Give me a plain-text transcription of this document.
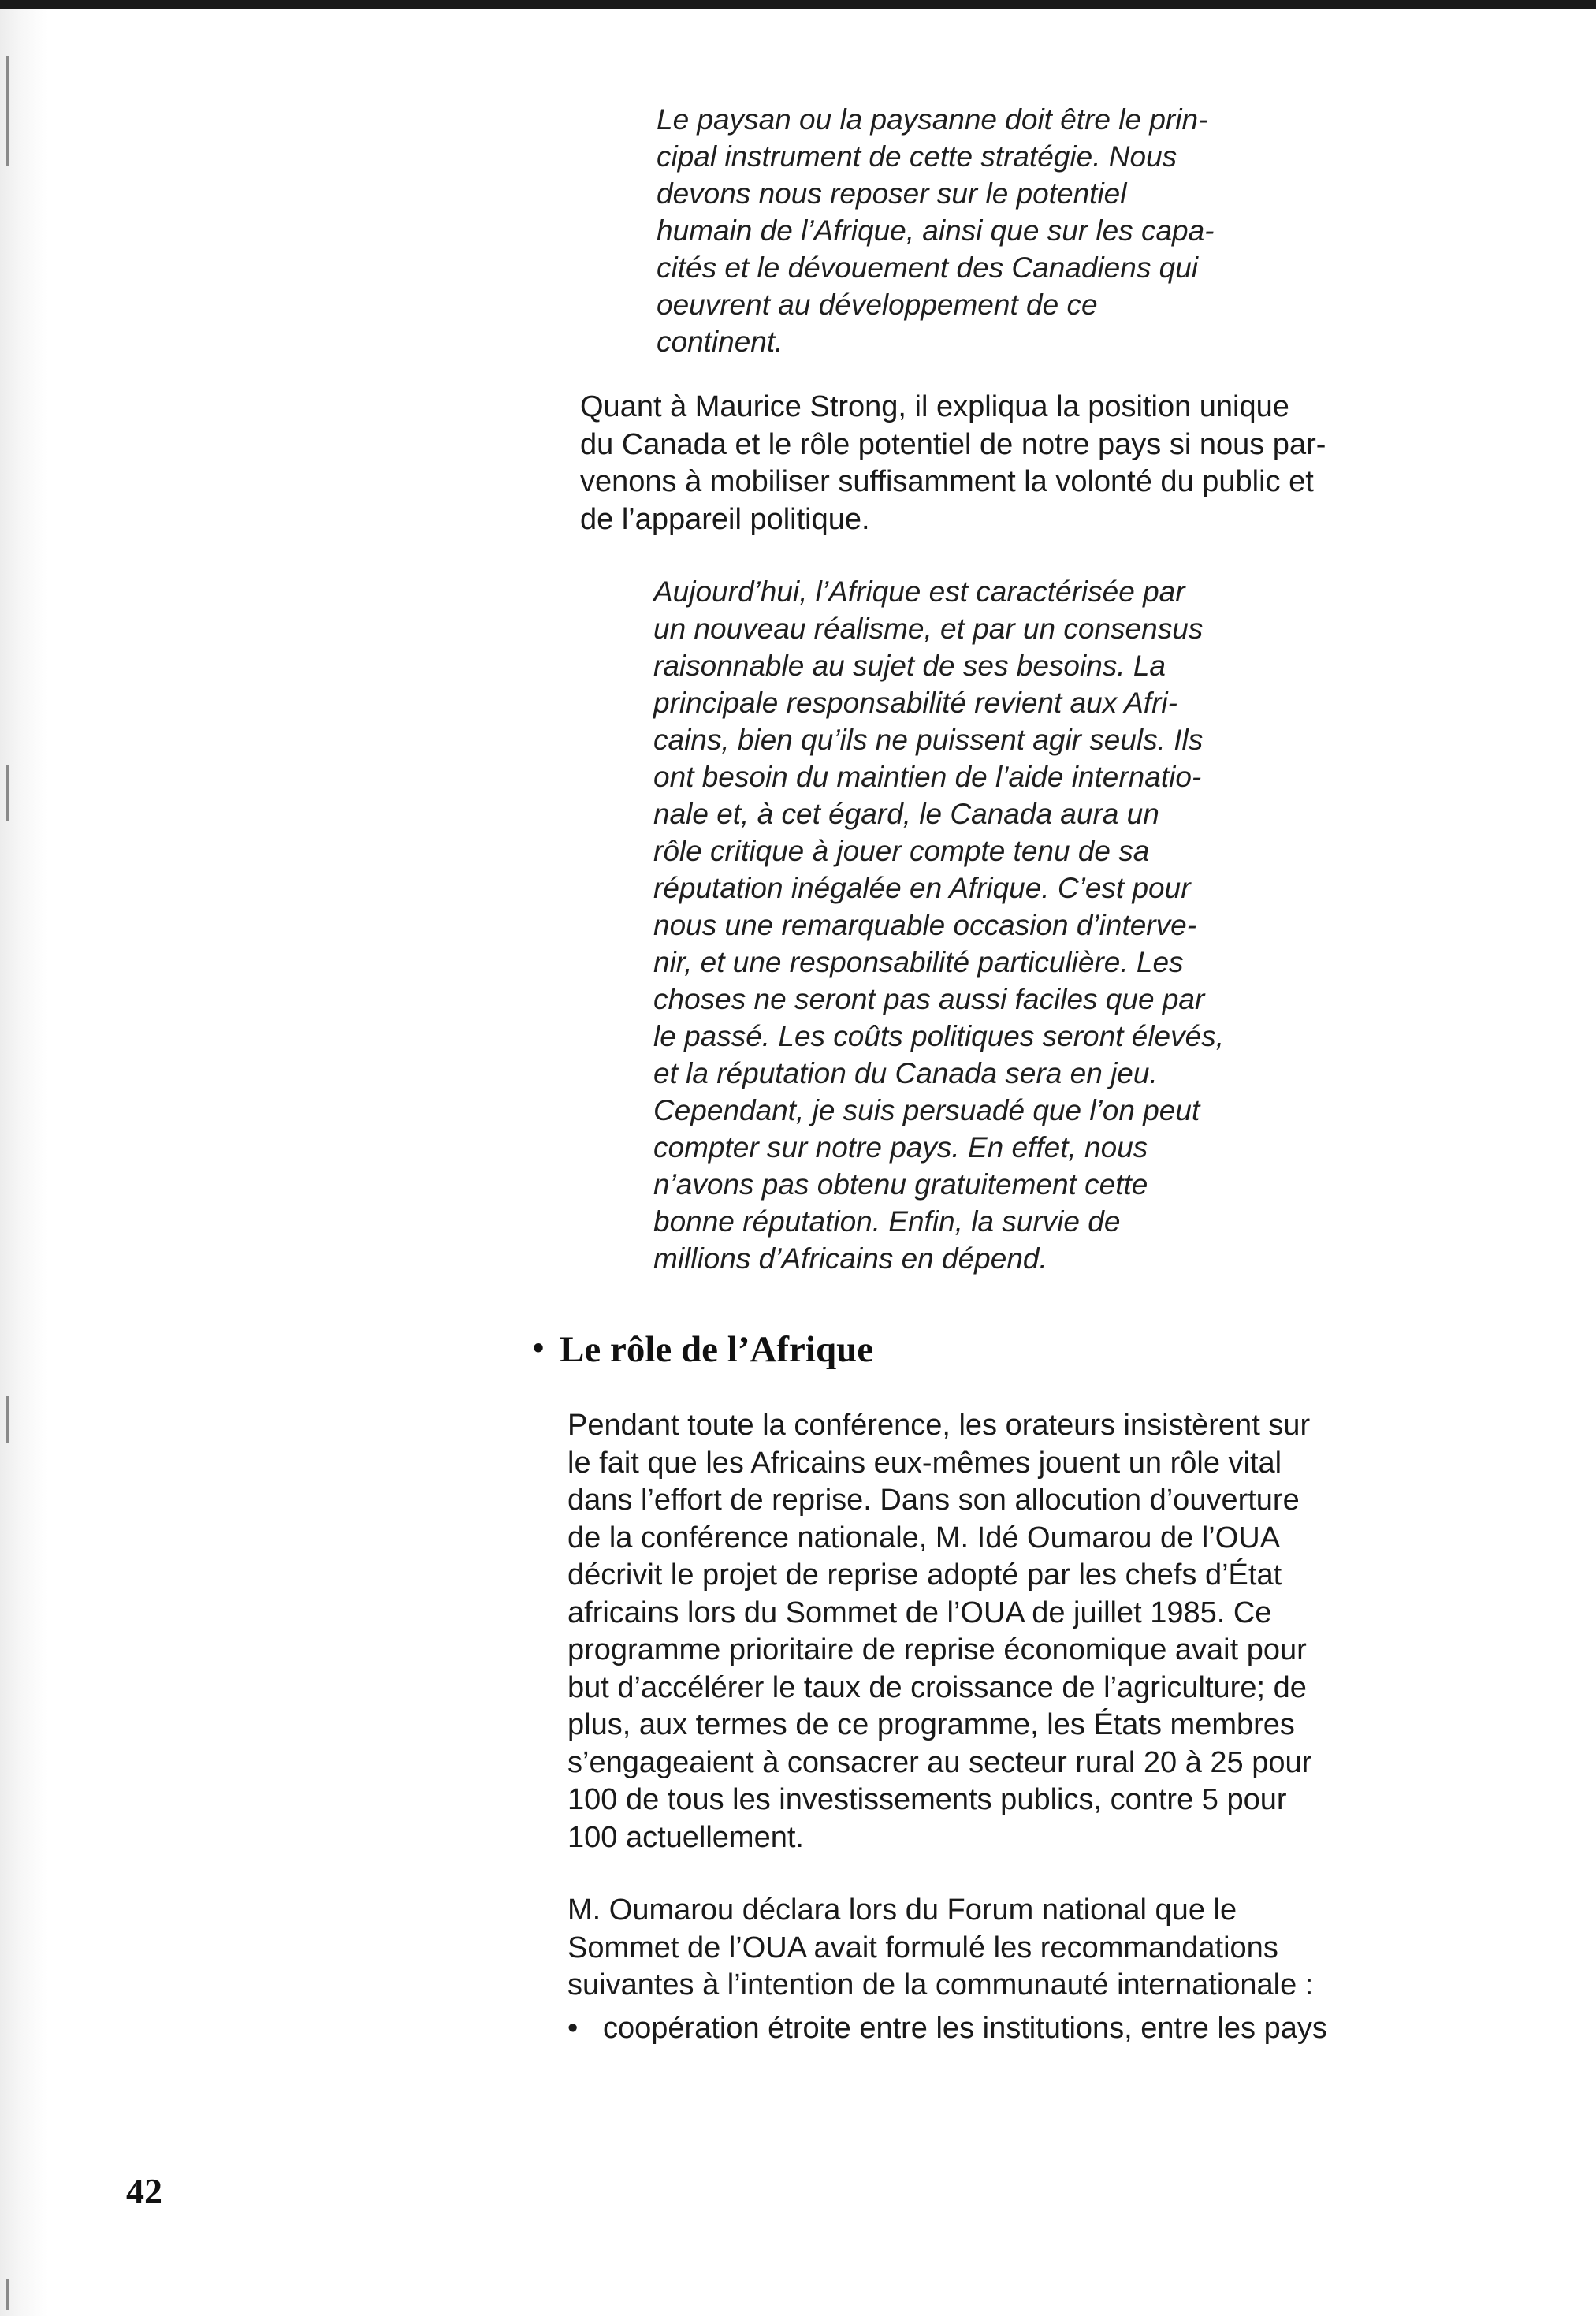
Le paysan ou la paysanne doit être le prin-
cipal instrument de cette stratégie. Nous
devons nous reposer sur le potentiel
humain de l’Afrique, ainsi que sur les capa-
cités et le dévouement des Canadiens qui
oeuvrent au développement de ce
continent.
Quant à Maurice Strong, il expliqua la position unique
du Canada et le rôle potentiel de notre pays si nous par-
venons à mobiliser suffisamment la volonté du public et
de l’appareil politique.
Aujourd’hui, l’Afrique est caractérisée par
un nouveau réalisme, et par un consensus
raisonnable au sujet de ses besoins. La
principale responsabilité revient aux Afri-
cains, bien qu’ils ne puissent agir seuls. Ils
ont besoin du maintien de l’aide internatio-
nale et, à cet égard, le Canada aura un
rôle critique à jouer compte tenu de sa
réputation inégalée en Afrique. C’est pour
nous une remarquable occasion d’interve-
nir, et une responsabilité particulière. Les
choses ne seront pas aussi faciles que par
le passé. Les coûts politiques seront élevés,
et la réputation du Canada sera en jeu.
Cependant, je suis persuadé que l’on peut
compter sur notre pays. En effet, nous
n’avons pas obtenu gratuitement cette
bonne réputation. Enfin, la survie de
millions d’Africains en dépend.
• Le rôle de l’Afrique
Pendant toute la conférence, les orateurs insistèrent sur
le fait que les Africains eux-mêmes jouent un rôle vital
dans l’effort de reprise. Dans son allocution d’ouverture
de la conférence nationale, M. Idé Oumarou de l’OUA
décrivit le projet de reprise adopté par les chefs d’État
africains lors du Sommet de l’OUA de juillet 1985. Ce
programme prioritaire de reprise économique avait pour
but d’accélérer le taux de croissance de l’agriculture; de
plus, aux termes de ce programme, les États membres
s’engageaient à consacrer au secteur rural 20 à 25 pour
100 de tous les investissements publics, contre 5 pour
100 actuellement.
M. Oumarou déclara lors du Forum national que le
Sommet de l’OUA avait formulé les recommandations
suivantes à l’intention de la communauté internationale :
• coopération étroite entre les institutions, entre les pays
42
